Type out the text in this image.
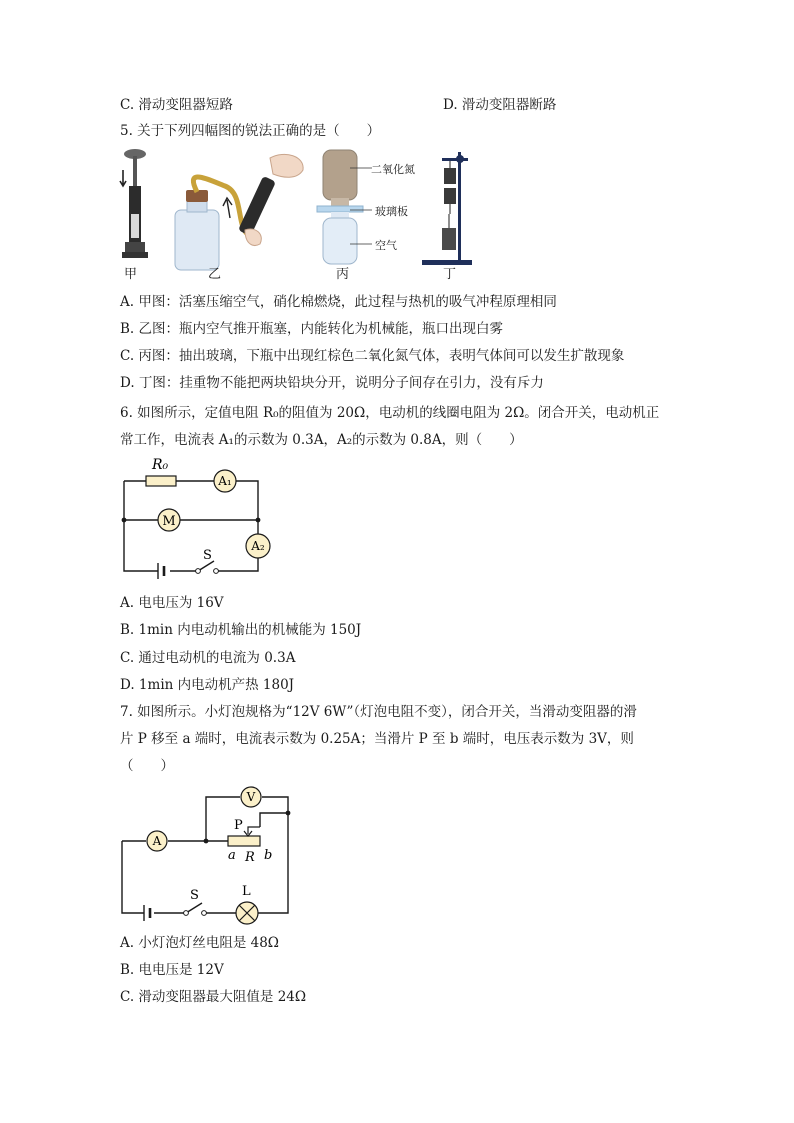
C. 滑动变阻器短路	D. 滑动变阻器断路
5. 关于下列四幅图的锐法正确的是（　　）
甲	乙
二氧化氮
玻璃板
空气
丙	丁
A. 甲图：活塞压缩空气，硝化棉燃烧，此过程与热机的吸气冲程原理相同
B. 乙图：瓶内空气推开瓶塞，内能转化为机械能，瓶口出现白雾
C. 丙图：抽出玻璃，下瓶中出现红棕色二氧化氮气体，表明气体间可以发生扩散现象
D. 丁图：挂重物不能把两块铅块分开，说明分子间存在引力，没有斥力
6. 如图所示，定值电阻 R₀的阻值为 20Ω，电动机的线圈电阻为 2Ω。闭合开关，电动机正
常工作，电流表 A₁的示数为 0.3A，A₂的示数为 0.8A，则（　　）
R₀
A₁
M
A₂
S
A. 电电压为 16V
B. 1min 内电动机输出的机械能为 150J
C. 通过电动机的电流为 0.3A
D. 1min 内电动机产热 180J
7. 如图所示。小灯泡规格为“12V 6W”（灯泡电阻不变），闭合开关，当滑动变阻器的滑
片 P 移至 a 端时，电流表示数为 0.25A；当滑片 P 至 b 端时，电压表示数为 3V，则
（　　）
V
A
P
a R b
S	L
A. 小灯泡灯丝电阻是 48Ω
B. 电电压是 12V
C. 滑动变阻器最大阻值是 24Ω
